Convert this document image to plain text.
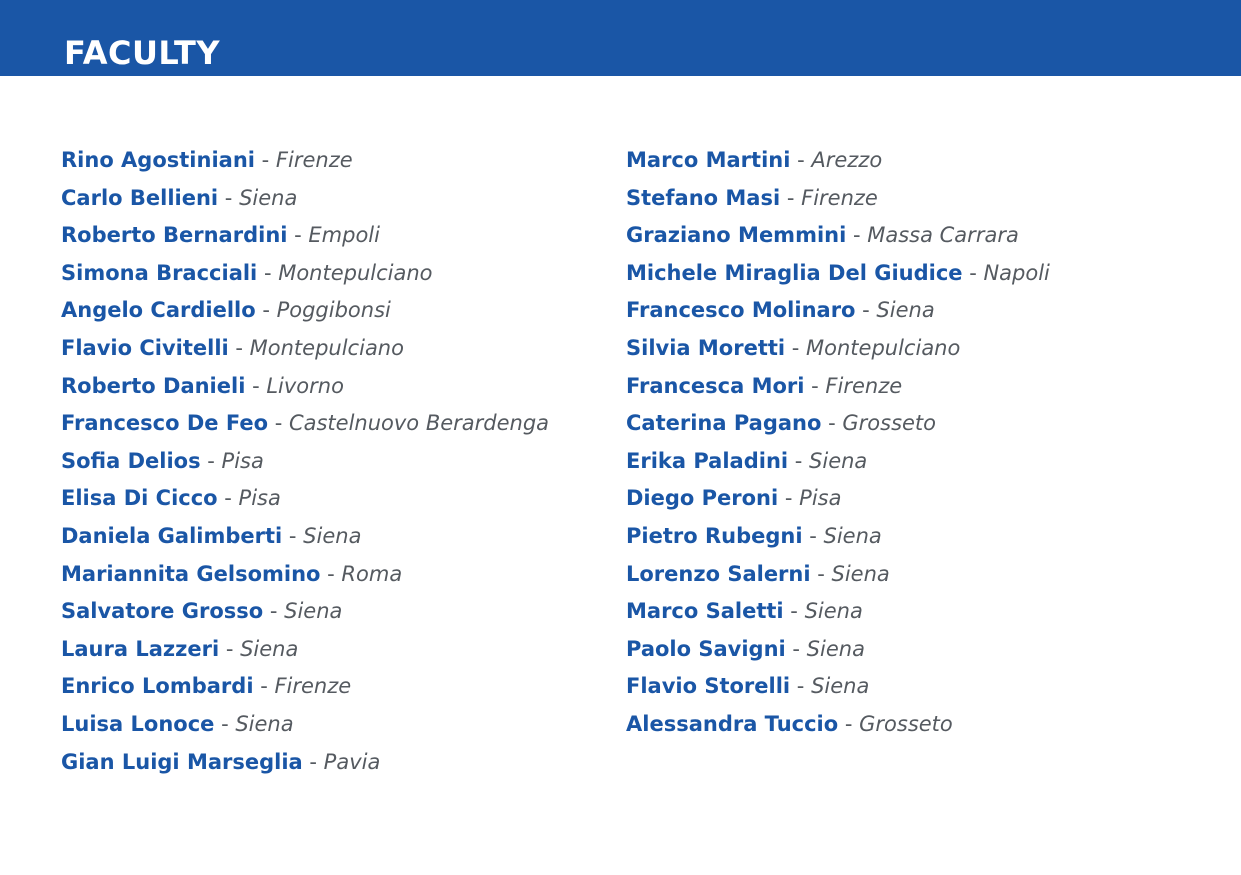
FACULTY
Rino Agostiniani - Firenze
Carlo Bellieni - Siena
Roberto Bernardini - Empoli
Simona Bracciali - Montepulciano
Angelo Cardiello - Poggibonsi
Flavio Civitelli - Montepulciano
Roberto Danieli - Livorno
Francesco De Feo - Castelnuovo Berardenga
Sofia Delios - Pisa
Elisa Di Cicco - Pisa
Daniela Galimberti - Siena
Mariannita Gelsomino - Roma
Salvatore Grosso - Siena
Laura Lazzeri - Siena
Enrico Lombardi - Firenze
Luisa Lonoce - Siena
Gian Luigi Marseglia - Pavia
Marco Martini - Arezzo
Stefano Masi - Firenze
Graziano Memmini - Massa Carrara
Michele Miraglia Del Giudice - Napoli
Francesco Molinaro - Siena
Silvia Moretti - Montepulciano
Francesca Mori - Firenze
Caterina Pagano - Grosseto
Erika Paladini - Siena
Diego Peroni - Pisa
Pietro Rubegni - Siena
Lorenzo Salerni - Siena
Marco Saletti - Siena
Paolo Savigni - Siena
Flavio Storelli - Siena
Alessandra Tuccio - Grosseto
